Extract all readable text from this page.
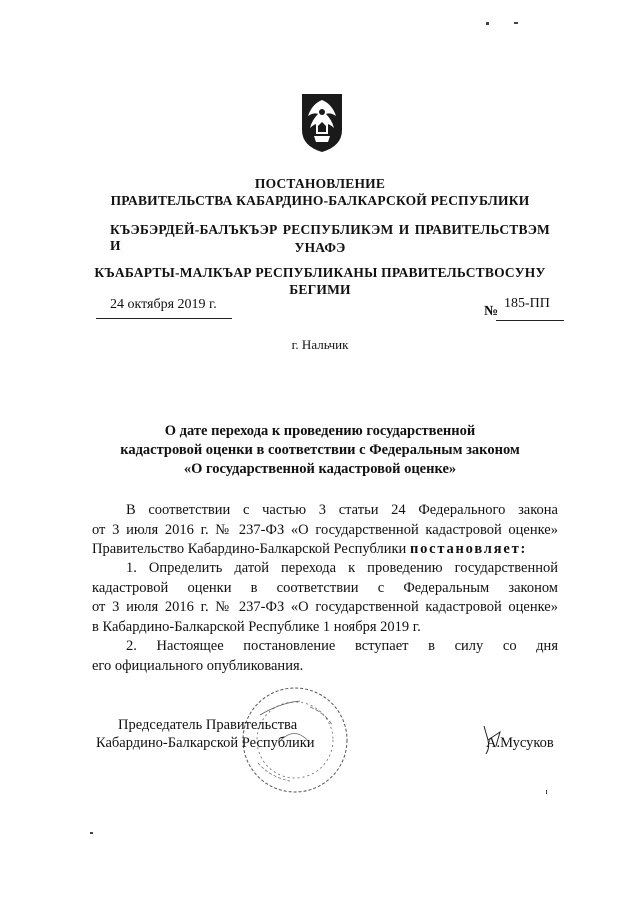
ПОСТАНОВЛЕНИЕ
ПРАВИТЕЛЬСТВА КАБАРДИНО-БАЛКАРСКОЙ РЕСПУБЛИКИ
КЪЭБЭРДЕЙ-БАЛЪКЪЭР РЕСПУБЛИКЭМ И ПРАВИТЕЛЬСТВЭМ И	УНАФЭ
КЪАБАРТЫ-МАЛКЪАР РЕСПУБЛИКАНЫ ПРАВИТЕЛЬСТВОСУНУ
БЕГИМИ
24 октября 2019 г.	№
185-ПП
г. Нальчик
О дате перехода к проведению государственной
кадастровой оценки в соответствии с Федеральным законом
«О государственной кадастровой оценке»
В соответствии с частью 3 статьи 24 Федерального закона
от 3 июля 2016 г. № 237-ФЗ «О государственной кадастровой оценке»
Правительство Кабардино-Балкарской Республики постановляет:
1. Определить датой перехода к проведению государственной
кадастровой оценки в соответствии с Федеральным законом
от 3 июля 2016 г. № 237-ФЗ «О государственной кадастровой оценке»
в Кабардино-Балкарской Республике 1 ноября 2019 г.
2. Настоящее постановление вступает в силу со дня
его официального опубликования.
Председатель Правительства
Кабардино-Балкарской Республики	А.Мусуков
